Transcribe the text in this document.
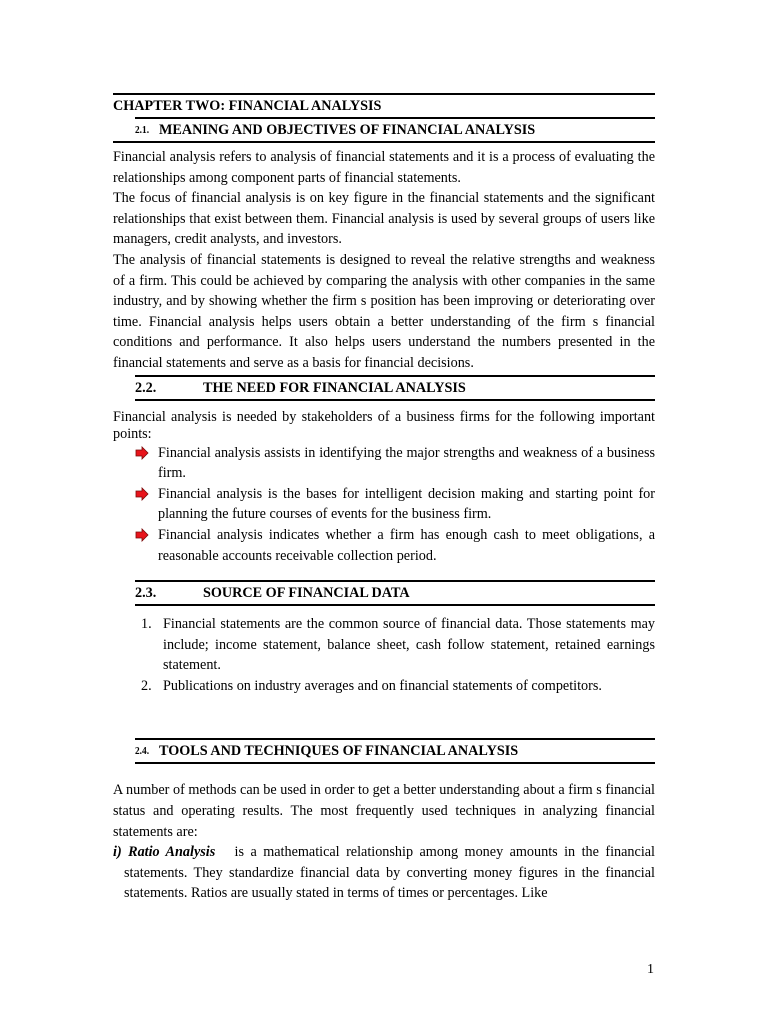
CHAPTER TWO: FINANCIAL ANALYSIS
2.1. MEANING AND OBJECTIVES OF FINANCIAL ANALYSIS

Financial analysis refers to analysis of financial statements and it is a process of evaluating the relationships among component parts of financial statements.

The focus of financial analysis is on key figure in the financial statements and the significant relationships that exist between them. Financial analysis is used by several groups of users like managers, credit analysts, and investors.

The analysis of financial statements is designed to reveal the relative strengths and weakness of a firm. This could be achieved by comparing the analysis with other companies in the same industry, and by showing whether the firm s position has been improving or deteriorating over time. Financial analysis helps users obtain a better understanding of the firm s financial conditions and performance. It also helps users understand the numbers presented in the financial statements and serve as a basis for financial decisions.

2.2.	THE NEED FOR FINANCIAL ANALYSIS

Financial analysis is needed by stakeholders of a business firms for the following important points:

Financial analysis assists in identifying the major strengths and weakness of a business firm.
Financial analysis is the bases for intelligent decision making and starting point for planning the future courses of events for the business firm.
Financial analysis indicates whether a firm has enough cash to meet obligations, a reasonable accounts receivable collection period.
2.3.	SOURCE OF FINANCIAL DATA
1. Financial statements are the common source of financial data. Those statements may include; income statement, balance sheet, cash follow statement, retained earnings statement.
2. Publications on industry averages and on financial statements of competitors.
2.4. TOOLS AND TECHNIQUES OF FINANCIAL ANALYSIS

A number of methods can be used in order to get a better understanding about a firm s financial status and operating results. The most frequently used techniques in analyzing financial statements are:

i) Ratio Analysis   is a mathematical relationship among money amounts in the financial statements. They standardize financial data by converting money figures in the financial statements. Ratios are usually stated in terms of times or percentages. Like

1
